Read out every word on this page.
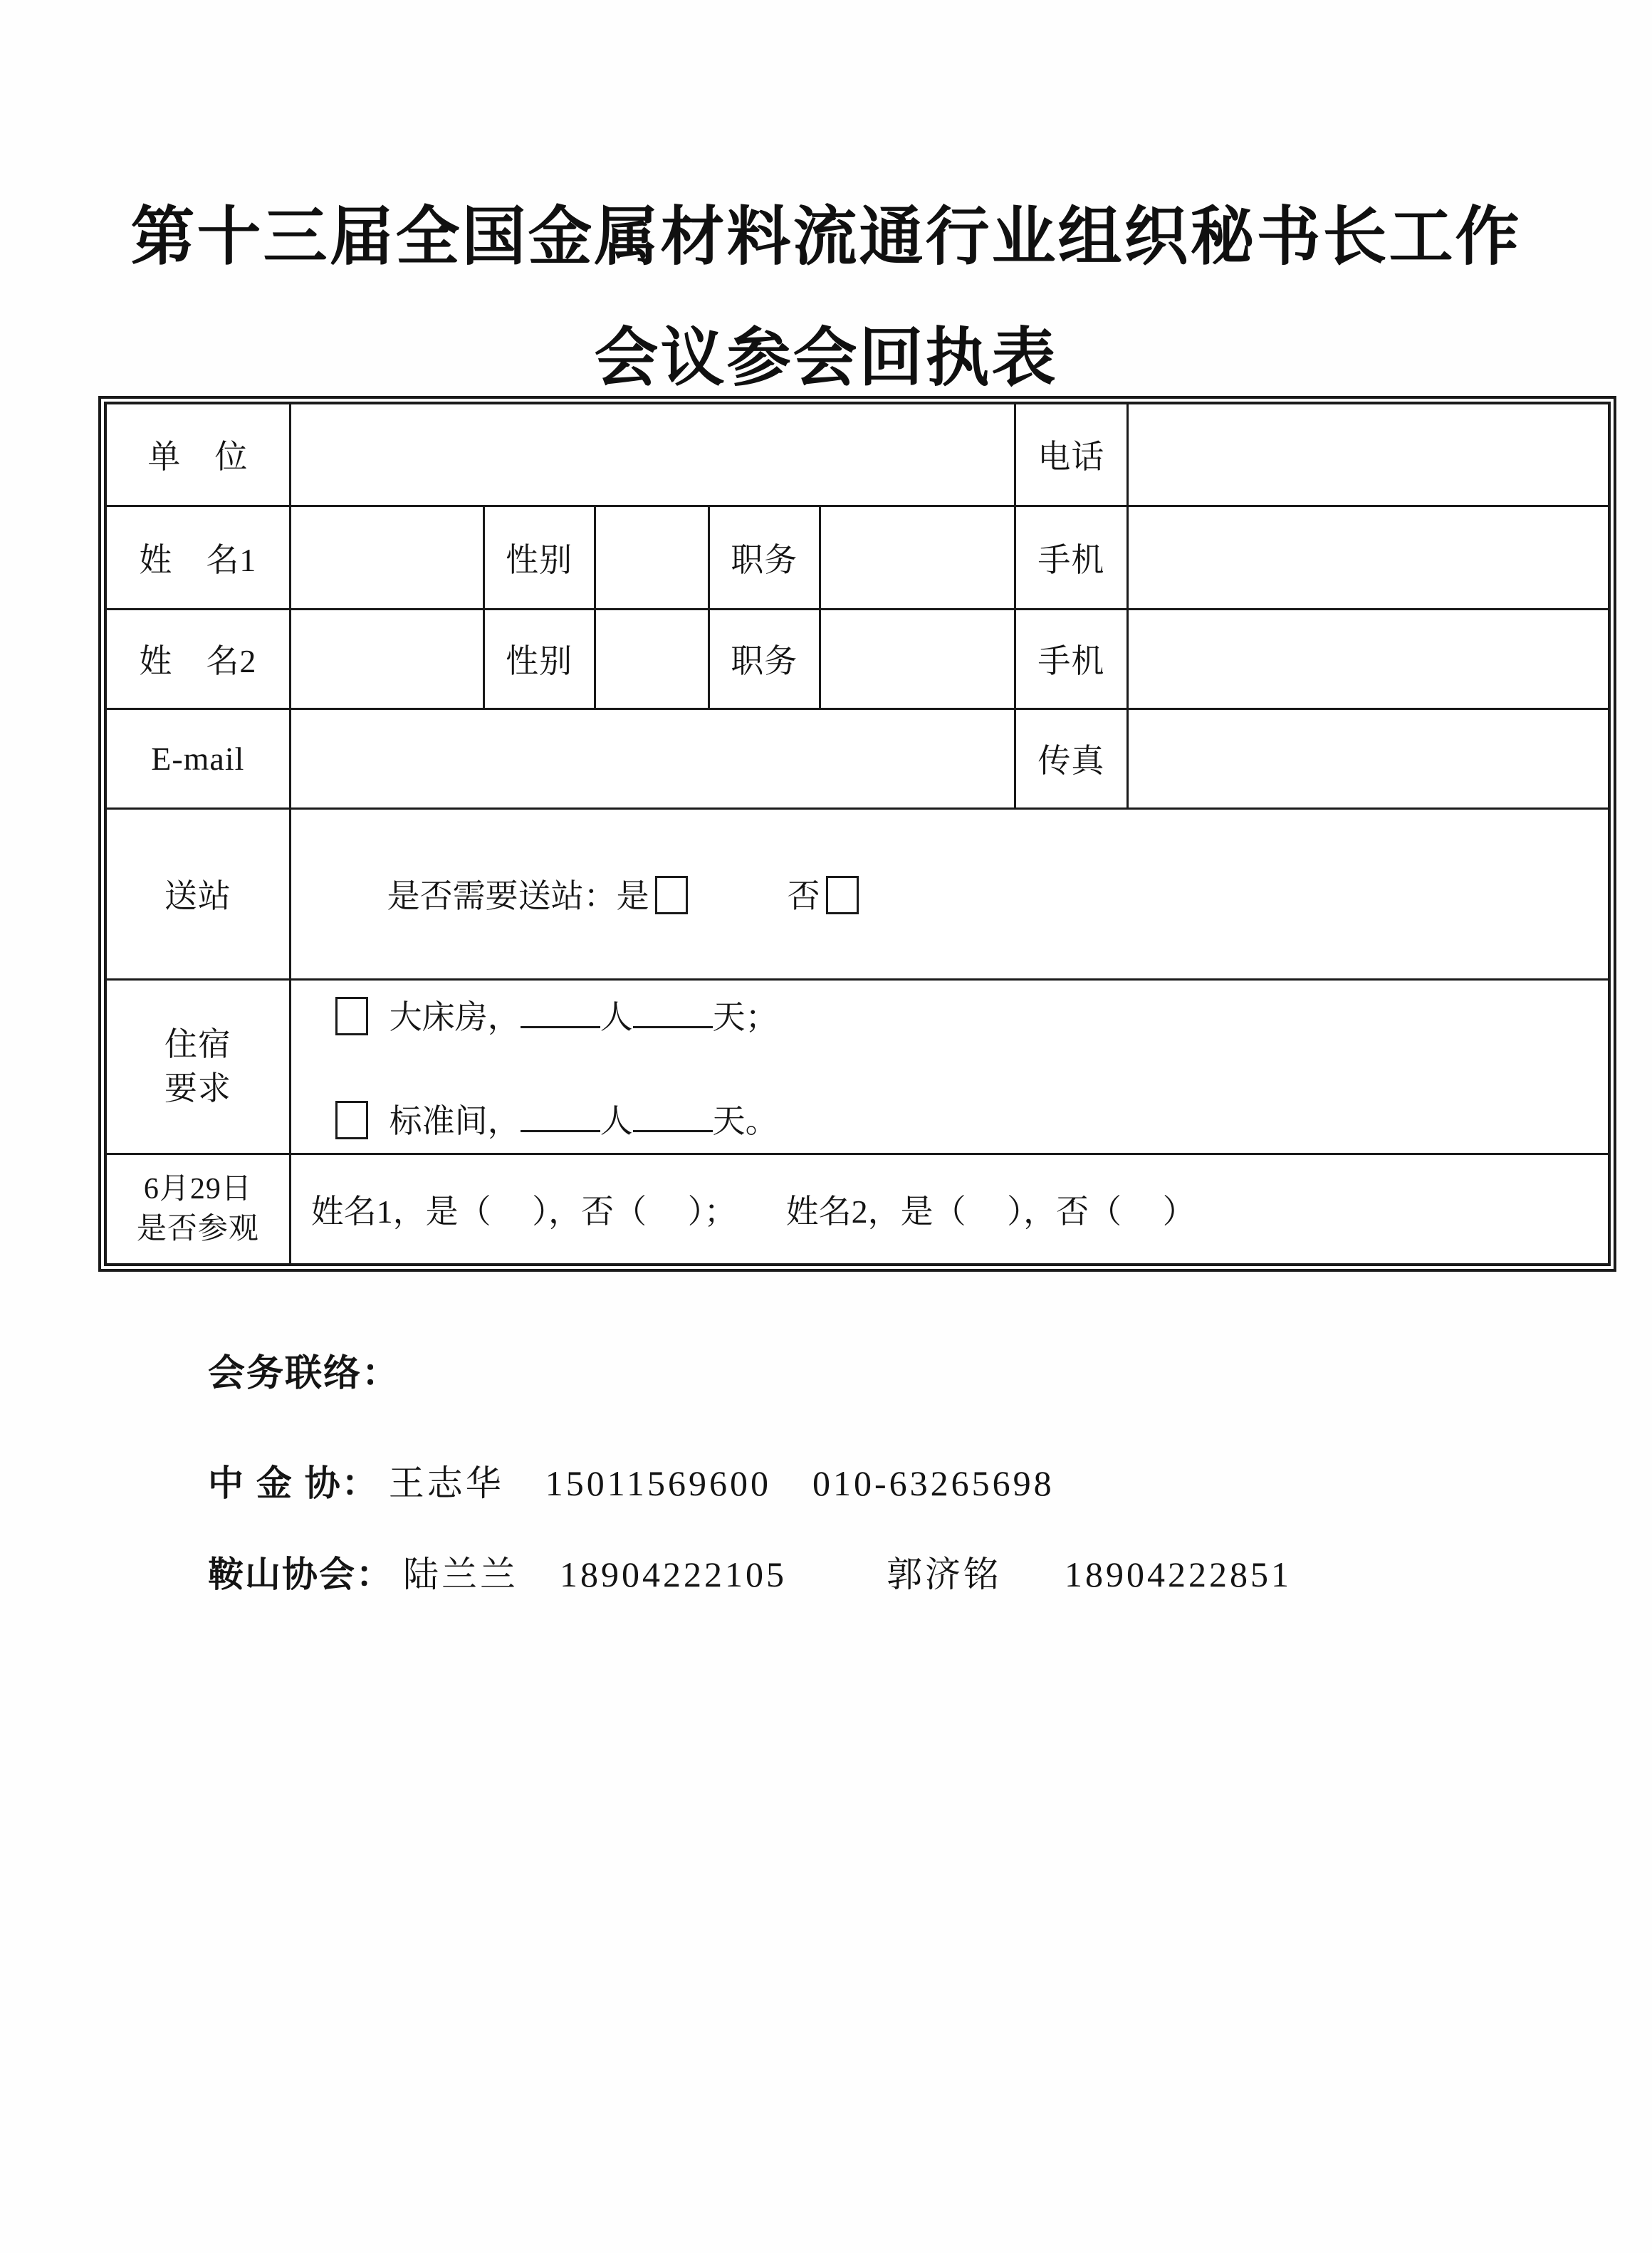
第十三届全国金属材料流通行业组织秘书长工作
会议参会回执表
单　位						电话	
姓　名1		性别		职务		手机	
姓　名2		性别		职务		手机	
E-mail						传真	
送站	是否需要送站：是 否						

住宿
要求

大床房， 人 天；
标准间， 人 天。

6月29日
是否参观	姓名1，是（　 ），否（　 ）；　　姓名2，是（　 ），否（　 ）						
会务联络：
中 金 协： 王志华 15011569600 010-63265698
鞍山协会： 陆兰兰 18904222105	郭济铭 18904222851
